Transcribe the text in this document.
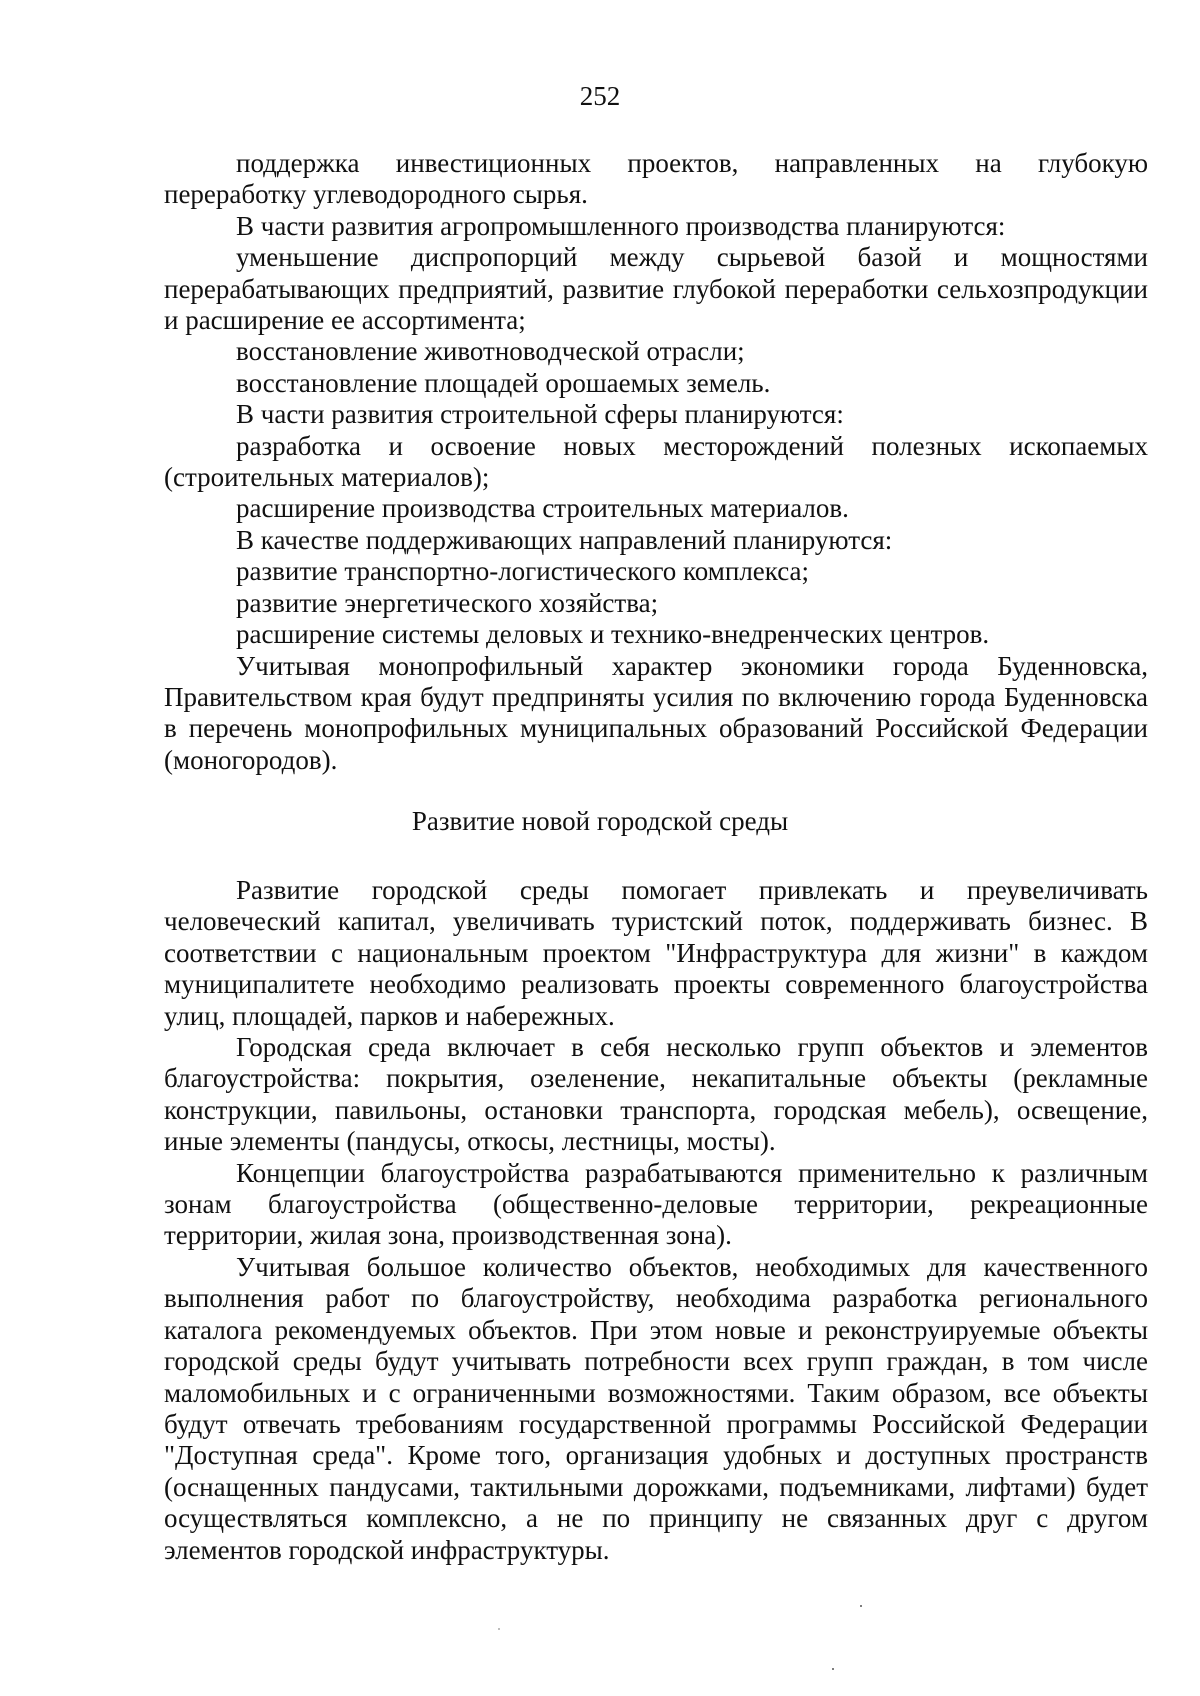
252

поддержка инвестиционных проектов, направленных на глубокую переработку углеводородного сырья.

В части развития агропромышленного производства планируются:

уменьшение диспропорций между сырьевой базой и мощностями перерабатывающих предприятий, развитие глубокой переработки сельхозпродукции и расширение ее ассортимента;

восстановление животноводческой отрасли;

восстановление площадей орошаемых земель.

В части развития строительной сферы планируются:

разработка и освоение новых месторождений полезных ископаемых (строительных материалов);

расширение производства строительных материалов.

В качестве поддерживающих направлений планируются:

развитие транспортно-логистического комплекса;

развитие энергетического хозяйства;

расширение системы деловых и технико-внедренческих центров.

Учитывая монопрофильный характер экономики города Буденновска, Правительством края будут предприняты усилия по включению города Буденновска в перечень монопрофильных муниципальных образований Российской Федерации (моногородов).

Развитие новой городской среды

Развитие городской среды помогает привлекать и преувеличивать человеческий капитал, увеличивать туристский поток, поддерживать бизнес. В соответствии с национальным проектом "Инфраструктура для жизни" в каждом муниципалитете необходимо реализовать проекты современного благоустройства улиц, площадей, парков и набережных.

Городская среда включает в себя несколько групп объектов и элементов благоустройства: покрытия, озеленение, некапитальные объекты (рекламные конструкции, павильоны, остановки транспорта, городская мебель), освещение, иные элементы (пандусы, откосы, лестницы, мосты).

Концепции благоустройства разрабатываются применительно к различным зонам благоустройства (общественно-деловые территории, рекреационные территории, жилая зона, производственная зона).

Учитывая большое количество объектов, необходимых для качественного выполнения работ по благоустройству, необходима разработка регионального каталога рекомендуемых объектов. При этом новые и реконструируемые объекты городской среды будут учитывать потребности всех групп граждан, в том числе маломобильных и с ограниченными возможностями. Таким образом, все объекты будут отвечать требованиям государственной программы Российской Федерации "Доступная среда". Кроме того, организация удобных и доступных пространств (оснащенных пандусами, тактильными дорожками, подъемниками, лифтами) будет осуществляться комплексно, а не по принципу не связанных друг с другом элементов городской инфраструктуры.
